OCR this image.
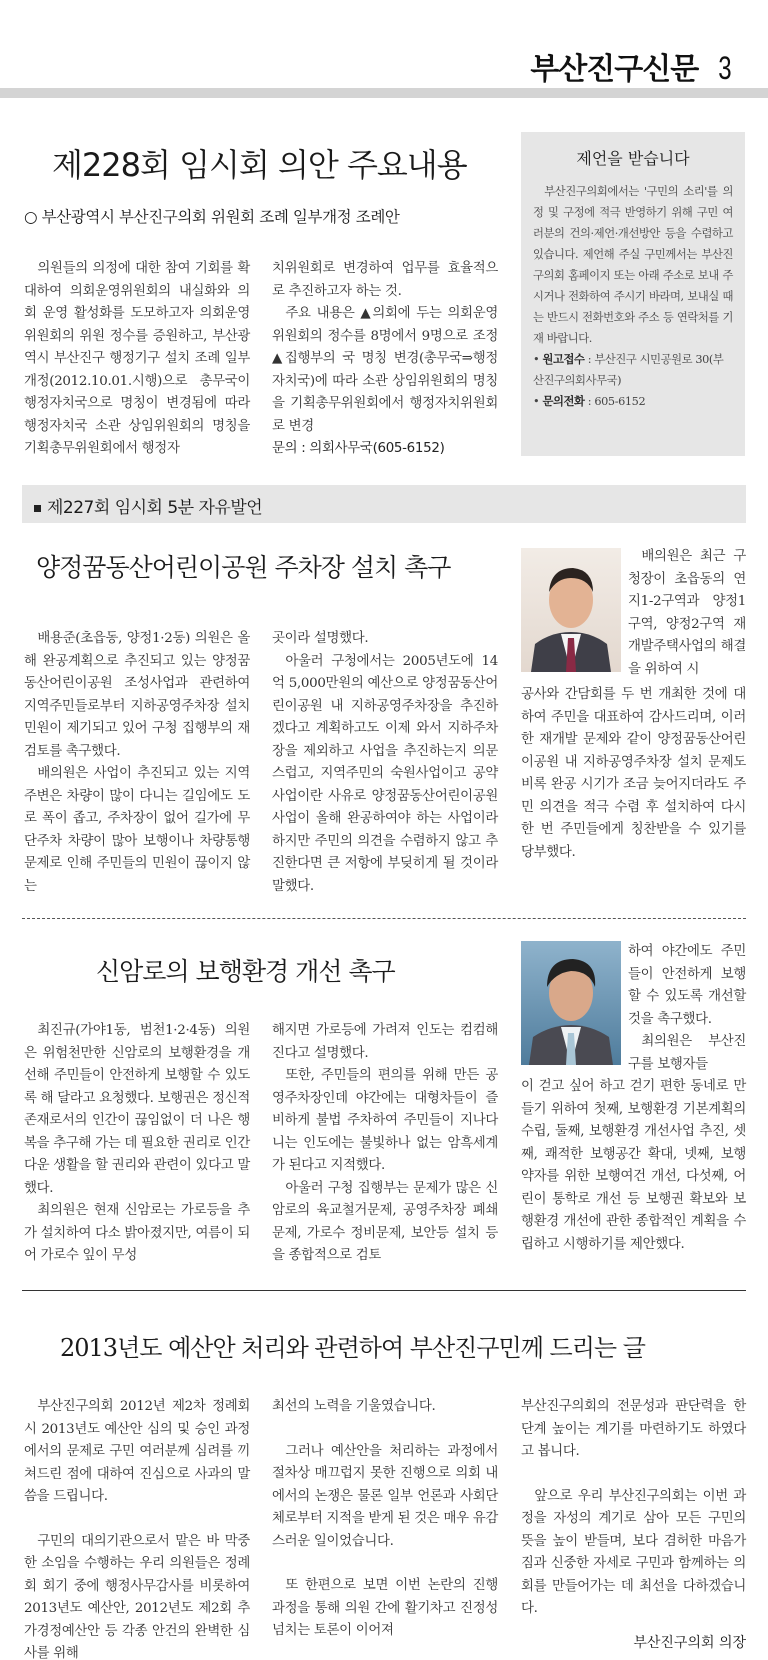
부산진구신문 3
제228회 임시회 의안 주요내용
○ 부산광역시 부산진구의회 위원회 조례 일부개정 조례안

의원들의 의정에 대한 참여 기회를 확대하여 의회운영위원회의 내실화와 의회 운영 활성화를 도모하고자 의회운영위원회의 위원 정수를 증원하고, 부산광역시 부산진구 행정기구 설치 조례 일부개정(2012.10.01.시행)으로 총무국이 행정자치국으로 명칭이 변경됨에 따라 행정자치국 소관 상임위원회의 명칭을 기획총무위원회에서 행정자

치위원회로 변경하여 업무를 효율적으로 추진하고자 하는 것.

주요 내용은 ▲의회에 두는 의회운영위원회의 정수를 8명에서 9명으로 조정 ▲집행부의 국 명칭 변경(총무국⇒행정자치국)에 따라 소관 상임위원회의 명칭을 기획총무위원회에서 행정자치위원회로 변경

문의 : 의회사무국(605-6152)

제언을 받습니다
부산진구의회에서는 '구민의 소리'를 의정 및 구정에 적극 반영하기 위해 구민 여러분의 건의·제언·개선방안 등을 수렴하고 있습니다. 제언해 주실 구민께서는 부산진구의회 홈페이지 또는 아래 주소로 보내 주시거나 전화하여 주시기 바라며, 보내실 때는 반드시 전화번호와 주소 등 연락처를 기재 바랍니다.
• 원고접수 : 부산진구 시민공원로 30(부산진구의회사무국)
• 문의전화 : 605-6152
제227회 임시회 5분 자유발언
양정꿈동산어린이공원 주차장 설치 촉구

배용준(초읍동, 양정1·2동) 의원은 올해 완공계획으로 추진되고 있는 양정꿈동산어린이공원 조성사업과 관련하여 지역주민들로부터 지하공영주차장 설치 민원이 제기되고 있어 구청 집행부의 재검토를 촉구했다.

배의원은 사업이 추진되고 있는 지역 주변은 차량이 많이 다니는 길임에도 도로 폭이 좁고, 주차장이 없어 길가에 무단주차 차량이 많아 보행이나 차량통행문제로 인해 주민들의 민원이 끊이지 않는

곳이라 설명했다.

아울러 구청에서는 2005년도에 14억 5,000만원의 예산으로 양정꿈동산어린이공원 내 지하공영주차장을 추진하겠다고 계획하고도 이제 와서 지하주차장을 제외하고 사업을 추진하는지 의문스럽고, 지역주민의 숙원사업이고 공약사업이란 사유로 양정꿈동산어린이공원 사업이 올해 완공하여야 하는 사업이라 하지만 주민의 의견을 수렴하지 않고 추진한다면 큰 저항에 부딪히게 될 것이라 말했다.

배의원은 최근 구청장이 초읍동의 연지1-2구역과 양정1구역, 양정2구역 재개발주택사업의 해결을 위하여 시

공사와 간담회를 두 번 개최한 것에 대하여 주민을 대표하여 감사드리며, 이러한 재개발 문제와 같이 양정꿈동산어린이공원 내 지하공영주차장 설치 문제도 비록 완공 시기가 조금 늦어지더라도 주민 의견을 적극 수렴 후 설치하여 다시 한 번 주민들에게 칭찬받을 수 있기를 당부했다.

신암로의 보행환경 개선 촉구

최진규(가야1동, 범천1·2·4동) 의원은 위험천만한 신암로의 보행환경을 개선해 주민들이 안전하게 보행할 수 있도록 해 달라고 요청했다. 보행권은 정신적 존재로서의 인간이 끊임없이 더 나은 행복을 추구해 가는 데 필요한 권리로 인간다운 생활을 할 권리와 관련이 있다고 말했다.

최의원은 현재 신암로는 가로등을 추가 설치하여 다소 밝아졌지만, 여름이 되어 가로수 잎이 무성

해지면 가로등에 가려져 인도는 컴컴해진다고 설명했다.

또한, 주민들의 편의를 위해 만든 공영주차장인데 야간에는 대형차들이 즐비하게 불법 주차하여 주민들이 지나다니는 인도에는 불빛하나 없는 암흑세계가 된다고 지적했다.

아울러 구청 집행부는 문제가 많은 신암로의 육교철거문제, 공영주차장 폐쇄문제, 가로수 정비문제, 보안등 설치 등을 종합적으로 검토

하여 야간에도 주민들이 안전하게 보행할 수 있도록 개선할 것을 촉구했다.

최의원은 부산진구를 보행자들

이 걷고 싶어 하고 걷기 편한 동네로 만들기 위하여 첫째, 보행환경 기본계획의 수립, 둘째, 보행환경 개선사업 추진, 셋째, 쾌적한 보행공간 확대, 넷째, 보행 약자를 위한 보행여건 개선, 다섯째, 어린이 통학로 개선 등 보행권 확보와 보행환경 개선에 관한 종합적인 계획을 수립하고 시행하기를 제안했다.

2013년도 예산안 처리와 관련하여 부산진구민께 드리는 글

부산진구의회 2012년 제2차 정례회 시 2013년도 예산안 심의 및 승인 과정에서의 문제로 구민 여러분께 심려를 끼쳐드린 점에 대하여 진심으로 사과의 말씀을 드립니다.

구민의 대의기관으로서 맡은 바 막중한 소임을 수행하는 우리 의원들은 정례회 회기 중에 행정사무감사를 비롯하여 2013년도 예산안, 2012년도 제2회 추가경정예산안 등 각종 안건의 완벽한 심사를 위해

최선의 노력을 기울였습니다.

그러나 예산안을 처리하는 과정에서 절차상 매끄럽지 못한 진행으로 의회 내에서의 논쟁은 물론 일부 언론과 사회단체로부터 지적을 받게 된 것은 매우 유감스러운 일이었습니다.

또 한편으로 보면 이번 논란의 진행 과정을 통해 의원 간에 활기차고 진정성 넘치는 토론이 이어져

부산진구의회의 전문성과 판단력을 한 단계 높이는 계기를 마련하기도 하였다고 봅니다.

앞으로 우리 부산진구의회는 이번 과정을 자성의 계기로 삼아 모든 구민의 뜻을 높이 받들며, 보다 겸허한 마음가짐과 신중한 자세로 구민과 함께하는 의회를 만들어가는 데 최선을 다하겠습니다.

부산진구의회 의장
